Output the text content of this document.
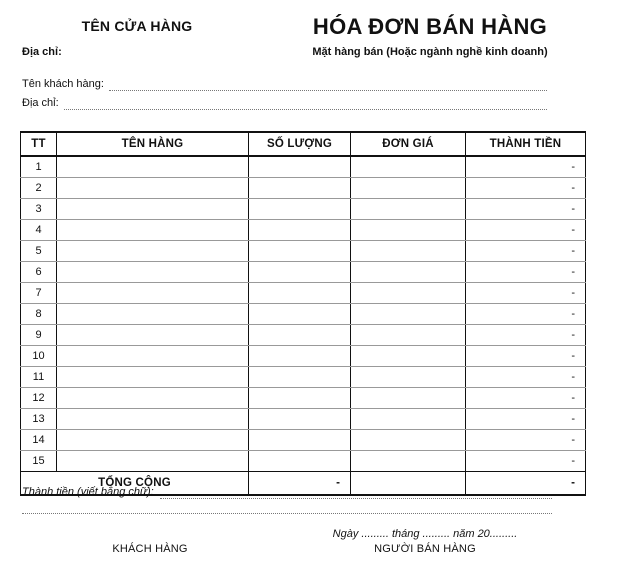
TÊN CỬA HÀNG
Địa chỉ:
HÓA ĐƠN BÁN HÀNG
Mặt hàng bán (Hoặc ngành nghề kinh doanh)
Tên khách hàng:
Địa chỉ:
TT	TÊN HÀNG	SỐ LƯỢNG	ĐƠN GIÁ	THÀNH TIỀN
1				-
2				-
3				-
4				-
5				-
6				-
7				-
8				-
9				-
10				-
11				-
12				-
13				-
14				-
15				-
TỔNG CỘNG		-		-
Thành tiền (viết bằng chữ):
KHÁCH HÀNG
Ngày ......... tháng ......... năm 20.........
NGƯỜI BÁN HÀNG
